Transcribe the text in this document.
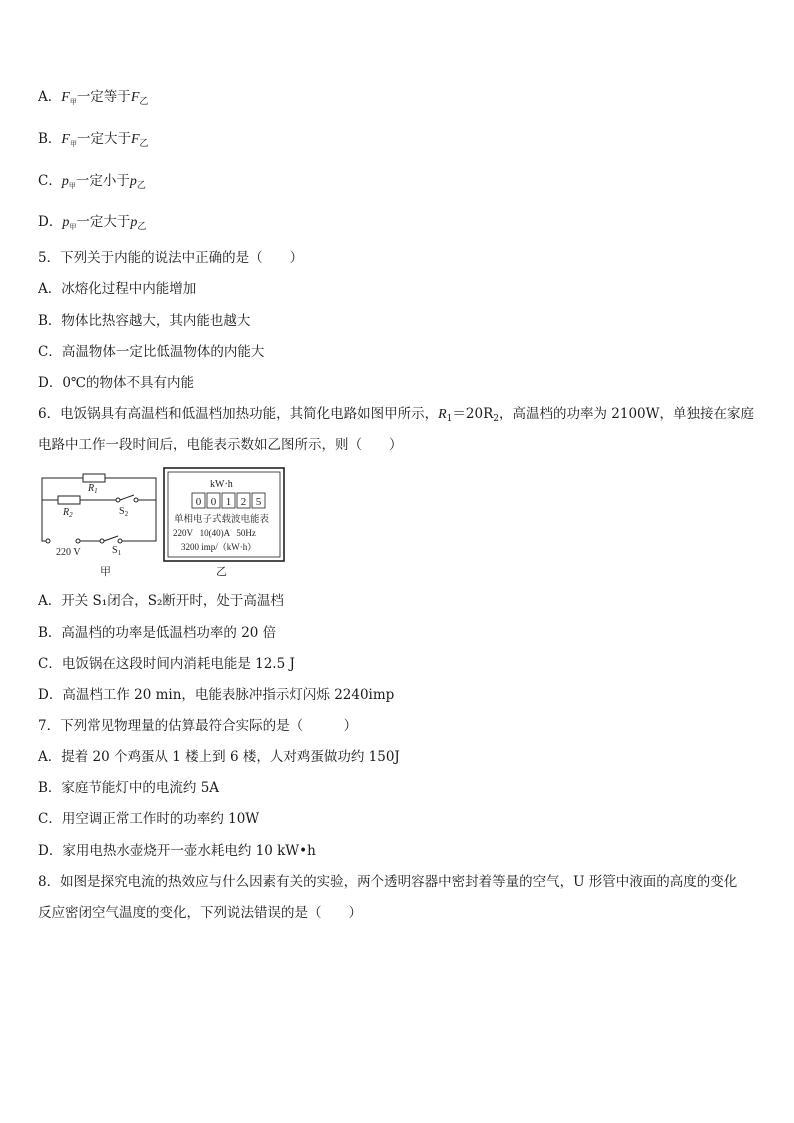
A．$F_甲$一定等于$F_乙$
B．$F_甲$一定大于$F_乙$
C．$p_甲$一定小于$p_乙$
D．$p_甲$一定大于$p_乙$
5．下列关于内能的说法中正确的是（　　）
A．冰熔化过程中内能增加
B．物体比热容越大，其内能也越大
C．高温物体一定比低温物体的内能大
D．0℃的物体不具有内能
6．电饭锅具有高温档和低温档加热功能，其简化电路如图甲所示，$R_1=20R_2$，高温档的功率为 2100W，单独接在家庭
电路中工作一段时间后，电能表示数如乙图所示，则（　　）
$R_1$
$R_2$	$S_2$
220 V	$S_1$
甲
kW·h
0 0 1 2 5
单相电子式载波电能表
220V   10(40)A   50Hz
3200 imp/（kW·h）
乙
A．开关 S₁闭合，S₂断开时，处于高温档
B．高温档的功率是低温档功率的 20 倍
C．电饭锅在这段时间内消耗电能是 12.5 J
D．高温档工作 20 min，电能表脉冲指示灯闪烁 2240imp
7．下列常见物理量的估算最符合实际的是（　　　）
A．提着 20 个鸡蛋从 1 楼上到 6 楼，人对鸡蛋做功约 150J
B．家庭节能灯中的电流约 5A
C．用空调正常工作时的功率约 10W
D．家用电热水壶烧开一壶水耗电约 10 kW•h
8．如图是探究电流的热效应与什么因素有关的实验，两个透明容器中密封着等量的空气，U 形管中液面的高度的变化
反应密闭空气温度的变化，下列说法错误的是（　　）
